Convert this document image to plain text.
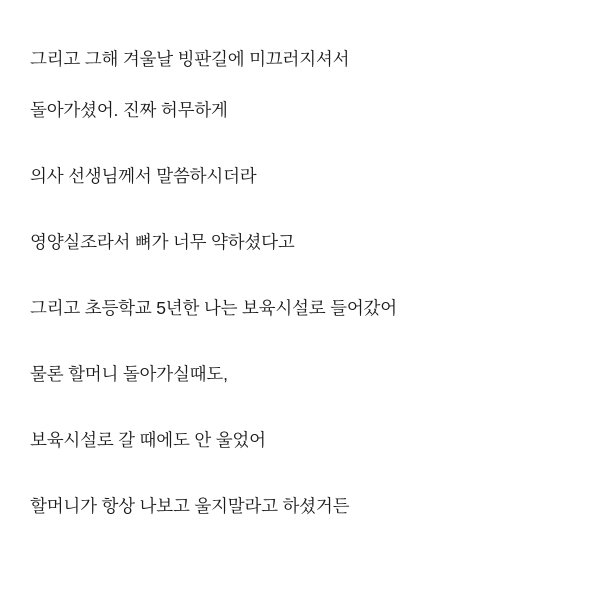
그리고 그해 겨울날 빙판길에 미끄러지셔서

돌아가셨어. 진짜 허무하게

의사 선생님께서 말씀하시더라

영양실조라서 뼈가 너무 약하셨다고

그리고 초등학교 5년한 나는 보육시설로 들어갔어

물론 할머니 돌아가실때도,

보육시설로 갈 때에도 안 울었어

할머니가 항상 나보고 울지말라고 하셨거든
